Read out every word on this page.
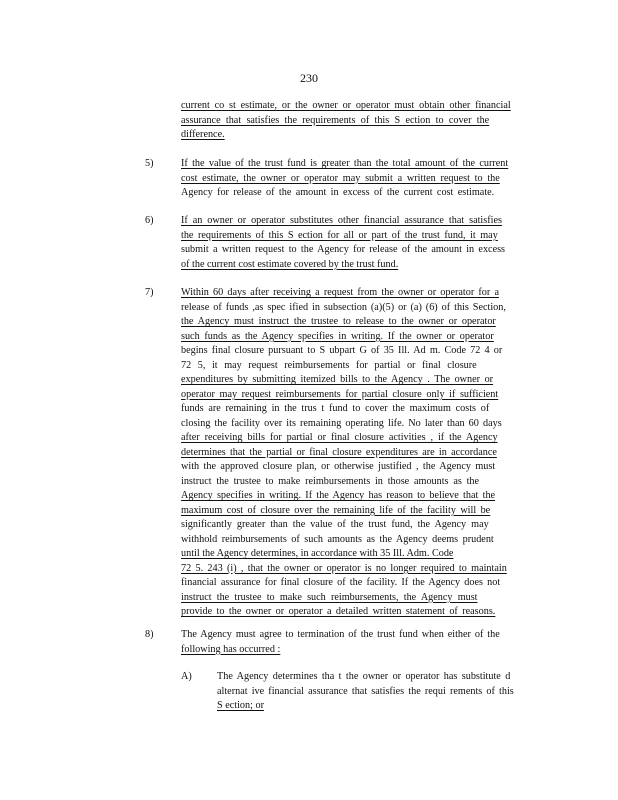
230
current co st estimate, or the owner or operator must obtain other financial
assurance that satisfies the requirements of this S ection to cover the
difference.
5)	If the value of the trust fund is greater than the total amount of the current
cost estimate, the owner or operator may submit a written request to the
Agency for release of the amount in excess of the current cost estimate.
6)	If an owner or operator substitutes other financial assurance that satisfies
the requirements of this S ection for all or part of the trust fund, it may
submit a written request to the Agency for release of the amount in excess
of the current cost estimate covered by the trust fund.
7)	Within 60 days after receiving a request from the owner or operator for a
release of funds ,as spec ified in subsection (a)(5) or (a) (6) of this Section,
the Agency must instruct the trustee to release to the owner or operator
such funds as the Agency specifies in writing. If the owner or operator
begins final closure pursuant to S ubpart G of 35 Ill. Ad m. Code 72 4 or
72 5, it may request reimbursements for partial or final closure
expenditures by submitting itemized bills to the Agency . The owner or
operator may request reimbursements for partial closure only if sufficient
funds are remaining in the trus t fund to cover the maximum costs of
closing the facility over its remaining operating life. No later than 60 days
after receiving bills for partial or final closure activities , if the Agency
determines that the partial or final closure expenditures are in accordance
with the approved closure plan, or otherwise justified , the Agency must
instruct the trustee to make reimbursements in those amounts as the
Agency specifies in writing. If the Agency has reason to believe that the
maximum cost of closure over the remaining life of the facility will be
significantly greater than the value of the trust fund, the Agency may
withhold reimbursements of such amounts as the Agency deems prudent
until the Agency determines, in accordance with 35 Ill. Adm. Code
72 5. 243 (i) , that the owner or operator is no longer required to maintain
financial assurance for final closure of the facility. If the Agency does not
instruct the trustee to make such reimbursements, the Agency must
provide to the owner or operator a detailed written statement of reasons.
8)	The Agency must agree to termination of the trust fund when either of the
following has occurred :
A) The Agency determines tha t the owner or operator has substitute d
alternat ive financial assurance that satisfies the requi rements of this
S ection; or
